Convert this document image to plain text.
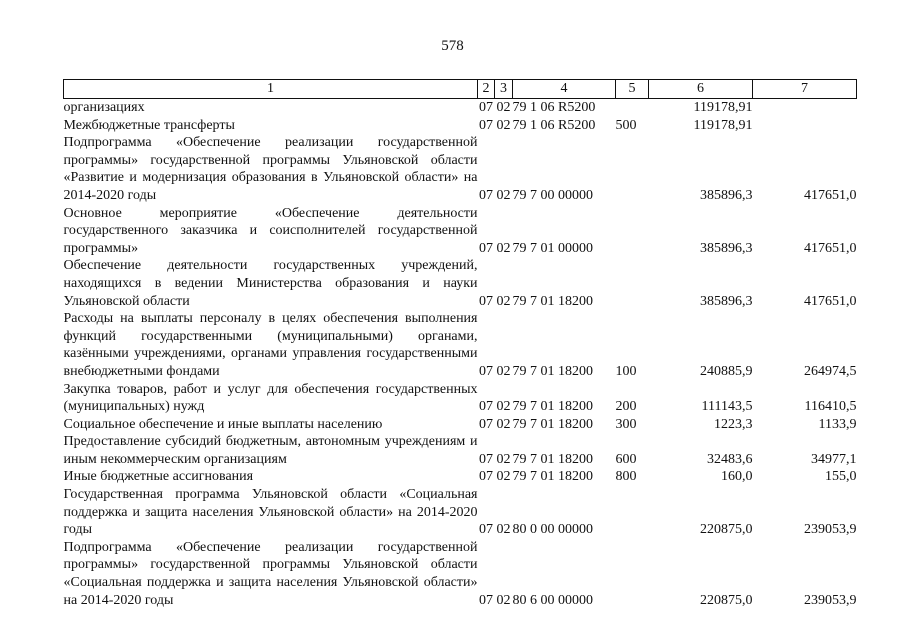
578
1	2	3	4	5	6	7
организациях	07	02	79 1 06 R5200		119178,91	
Межбюджетные трансферты	07	02	79 1 06 R5200	500	119178,91	
Подпрограмма «Обеспечение реализации государственной программы» государственной программы Ульяновской области «Развитие и модернизация образования в Ульяновской области» на 2014-2020 годы	07	02	79 7 00 00000		385896,3	417651,0
Основное мероприятие «Обеспечение деятельности государственного заказчика и соисполнителей государственной программы»	07	02	79 7 01 00000		385896,3	417651,0
Обеспечение деятельности государственных учреждений, находящихся в ведении Министерства образования и науки Ульяновской области	07	02	79 7 01 18200		385896,3	417651,0
Расходы на выплаты персоналу в целях обеспечения выполнения функций государственными (муниципальными) органами, казёнными учреждениями, органами управления государственными внебюджетными фондами	07	02	79 7 01 18200	100	240885,9	264974,5
Закупка товаров, работ и услуг для обеспечения государственных (муниципальных) нужд	07	02	79 7 01 18200	200	111143,5	116410,5
Социальное обеспечение и иные выплаты населению	07	02	79 7 01 18200	300	1223,3	1133,9
Предоставление субсидий бюджетным, автономным учреждениям и иным некоммерческим организациям	07	02	79 7 01 18200	600	32483,6	34977,1
Иные бюджетные ассигнования	07	02	79 7 01 18200	800	160,0	155,0
Государственная программа Ульяновской области «Социальная поддержка и защита населения Ульяновской области» на 2014-2020 годы	07	02	80 0 00 00000		220875,0	239053,9
Подпрограмма «Обеспечение реализации государственной программы» государственной программы Ульяновской области «Социальная поддержка и защита населения Ульяновской области» на 2014-2020 годы	07	02	80 6 00 00000		220875,0	239053,9
